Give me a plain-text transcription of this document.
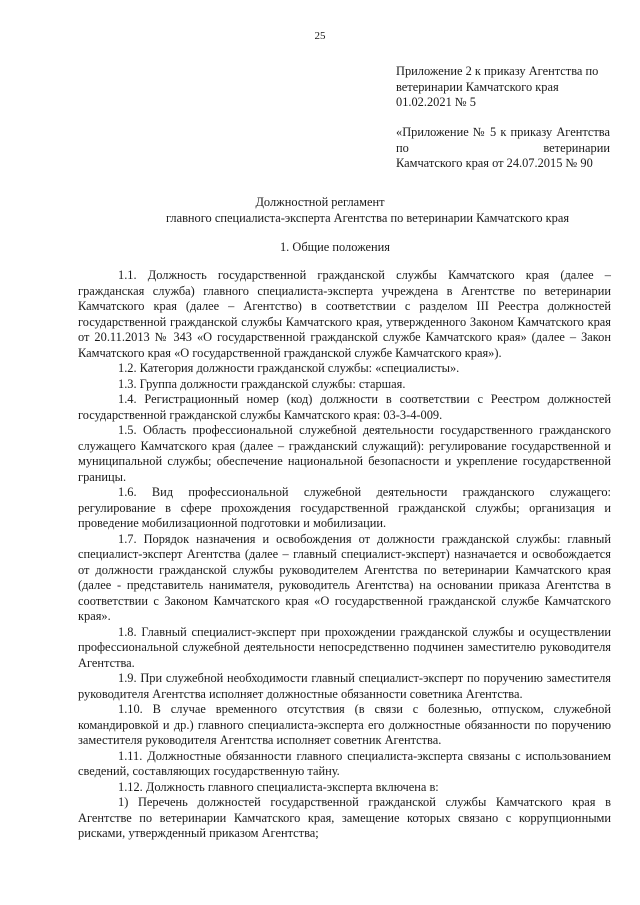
25
Приложение 2 к приказу Агентства по ветеринарии Камчатского края 01.02.2021 № 5
«Приложение № 5 к приказу Агентства по ветеринарии
Камчатского края от 24.07.2015 № 90
Должностной регламент
главного специалиста-эксперта Агентства по ветеринарии Камчатского края
1. Общие положения

1.1. Должность государственной гражданской службы Камчатского края (далее – гражданская служба) главного специалиста-эксперта учреждена в Агентстве по ветеринарии Камчатского края (далее – Агентство) в соответствии с разделом III Реестра должностей государственной гражданской службы Камчатского края, утвержденного Законом Камчатского края от 20.11.2013 № 343 «О государственной гражданской службе Камчатского края» (далее – Закон Камчатского края «О государственной гражданской службе Камчатского края»).

1.2. Категория должности гражданской службы: «специалисты».

1.3. Группа должности гражданской службы: старшая.

1.4. Регистрационный номер (код) должности в соответствии с Реестром должностей государственной гражданской службы Камчатского края: 03-3-4-009.

1.5. Область профессиональной служебной деятельности государственного гражданского служащего Камчатского края (далее – гражданский служащий): регулирование государственной и муниципальной службы; обеспечение национальной безопасности и укрепление государственной границы.

1.6. Вид профессиональной служебной деятельности гражданского служащего: регулирование в сфере прохождения государственной гражданской службы; организация и проведение мобилизационной подготовки и мобилизации.

1.7. Порядок назначения и освобождения от должности гражданской службы: главный специалист-эксперт Агентства (далее – главный специалист-эксперт) назначается и освобождается от должности гражданской службы руководителем Агентства по ветеринарии Камчатского края (далее - представитель нанимателя, руководитель Агентства) на основании приказа Агентства в соответствии с Законом Камчатского края «О государственной гражданской службе Камчатского края».

1.8. Главный специалист-эксперт при прохождении гражданской службы и осуществлении профессиональной служебной деятельности непосредственно подчинен заместителю руководителя Агентства.

1.9. При служебной необходимости главный специалист-эксперт по поручению заместителя руководителя Агентства исполняет должностные обязанности советника Агентства.

1.10. В случае временного отсутствия (в связи с болезнью, отпуском, служебной командировкой и др.) главного специалиста-эксперта его должностные обязанности по поручению заместителя руководителя Агентства исполняет советник Агентства.

1.11. Должностные обязанности главного специалиста-эксперта связаны с использованием сведений, составляющих государственную тайну.

1.12. Должность главного специалиста-эксперта включена в:

1) Перечень должностей государственной гражданской службы Камчатского края в Агентстве по ветеринарии Камчатского края, замещение которых связано с коррупционными рисками, утвержденный приказом Агентства;
